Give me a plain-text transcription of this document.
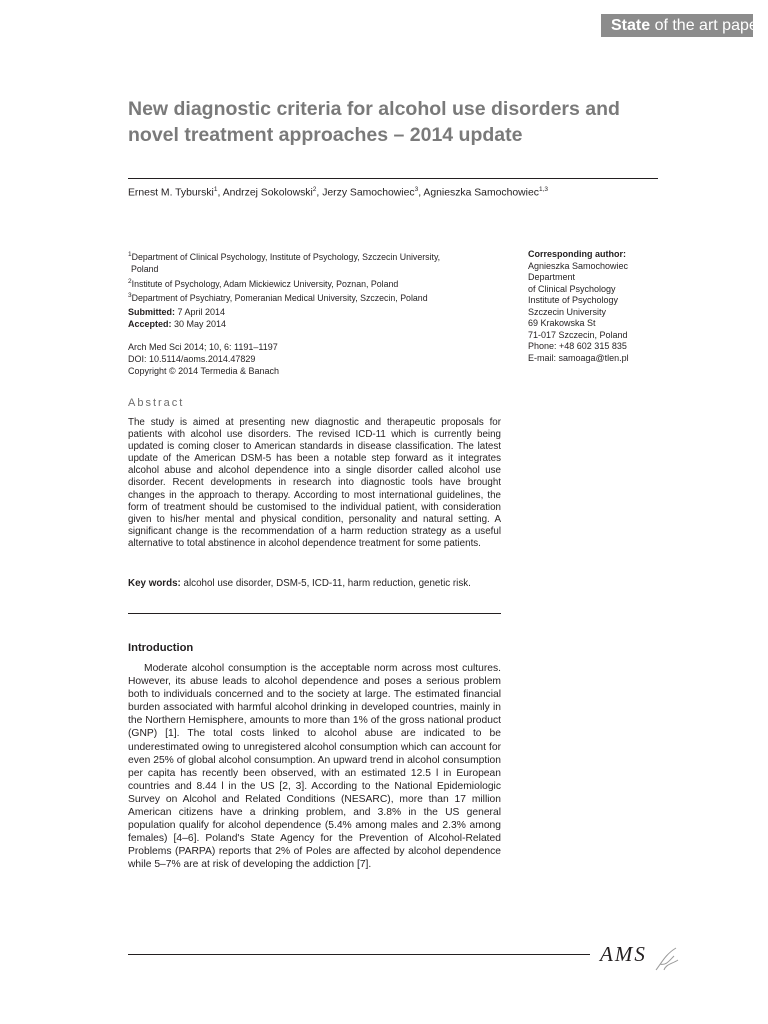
State of the art paper
New diagnostic criteria for alcohol use disorders and novel treatment approaches – 2014 update
Ernest M. Tyburski$^1$, Andrzej Sokolowski$^2$, Jerzy Samochowiec$^3$, Agnieszka Samochowiec$^{1,3}$

$^1$Department of Clinical Psychology, Institute of Psychology, Szczecin University,

Poland

$^2$Institute of Psychology, Adam Mickiewicz University, Poznan, Poland

$^3$Department of Psychiatry, Pomeranian Medical University, Szczecin, Poland

Submitted: 7 April 2014
Accepted: 30 May 2014
Arch Med Sci 2014; 10, 6: 1191–1197
DOI: 10.5114/aoms.2014.47829
Copyright © 2014 Termedia & Banach
Corresponding author:
Agnieszka Samochowiec
Department
of Clinical Psychology
Institute of Psychology
Szczecin University
69 Krakowska St
71-017 Szczecin, Poland
Phone: +48 602 315 835
E-mail: samoaga@tlen.pl
Abstract

The study is aimed at presenting new diagnostic and therapeutic proposals for patients with alcohol use disorders. The revised ICD-11 which is currently being updated is coming closer to American standards in disease classification. The latest update of the American DSM-5 has been a notable step forward as it integrates alcohol abuse and alcohol dependence into a single disorder called alcohol use disorder. Recent developments in research into diagnostic tools have brought changes in the approach to therapy. According to most international guidelines, the form of treatment should be customised to the individual patient, with consideration given to his/her mental and physical condition, personality and natural setting. A significant change is the recommendation of a harm reduction strategy as a useful alternative to total abstinence in alcohol dependence treatment for some patients.

Key words: alcohol use disorder, DSM-5, ICD-11, harm reduction, genetic risk.

Introduction

Moderate alcohol consumption is the acceptable norm across most cultures. However, its abuse leads to alcohol dependence and poses a serious problem both to individuals concerned and to the society at large. The estimated financial burden associated with harmful alcohol drinking in developed countries, mainly in the Northern Hemisphere, amounts to more than 1% of the gross national product (GNP) [1]. The total costs linked to alcohol abuse are indicated to be underestimated owing to unregistered alcohol consumption which can account for even 25% of global alcohol consumption. An upward trend in alcohol consumption per capita has recently been observed, with an estimated 12.5 l in European countries and 8.44 l in the US [2, 3]. According to the National Epidemiologic Survey on Alcohol and Related Conditions (NESARC), more than 17 million American citizens have a drinking problem, and 3.8% in the US general population qualify for alcohol dependence (5.4% among males and 2.3% among females) [4–6]. Poland's State Agency for the Prevention of Alcohol-Related Problems (PARPA) reports that 2% of Poles are affected by alcohol dependence while 5–7% are at risk of developing the addiction [7].

AMS
